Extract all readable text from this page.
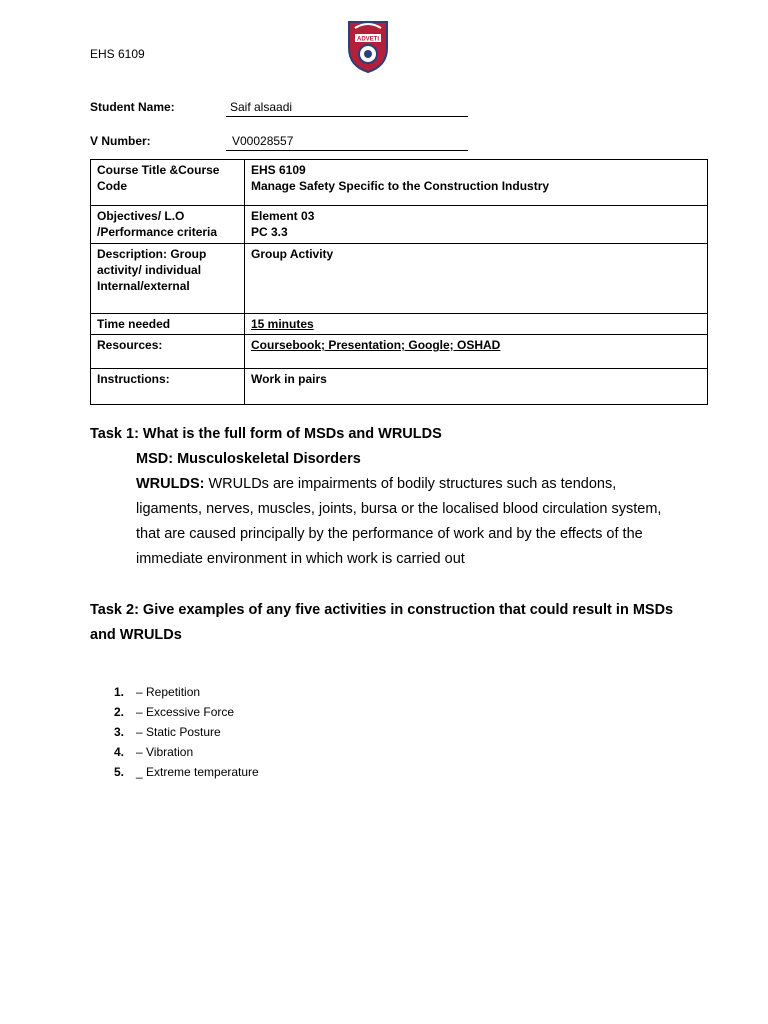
EHS 6109
ADVETI
Student Name:	Saif alsaadi
V Number:	V00028557
Course Title &Course Code	EHS 6109
Manage Safety Specific to the Construction Industry

Objectives/ L.O /Performance criteria	Element 03
PC 3.3

Description: Group activity/ individual Internal/external	Group Activity
Time needed	15 minutes
Resources:	Coursebook; Presentation; Google; OSHAD
Instructions:	Work in pairs
Task 1: What is the full form of MSDs and WRULDS
MSD: Musculoskeletal Disorders
WRULDS: WRULDs are impairments of bodily structures such as tendons, ligaments, nerves, muscles, joints, bursa or the localised blood circulation system, that are caused principally by the performance of work and by the effects of the immediate environment in which work is carried out
Task 2: Give examples of any five activities in construction that could result in MSDs and WRULDs
1. – Repetition
2. – Excessive Force
3. – Static Posture
4. – Vibration
5. _ Extreme temperature
